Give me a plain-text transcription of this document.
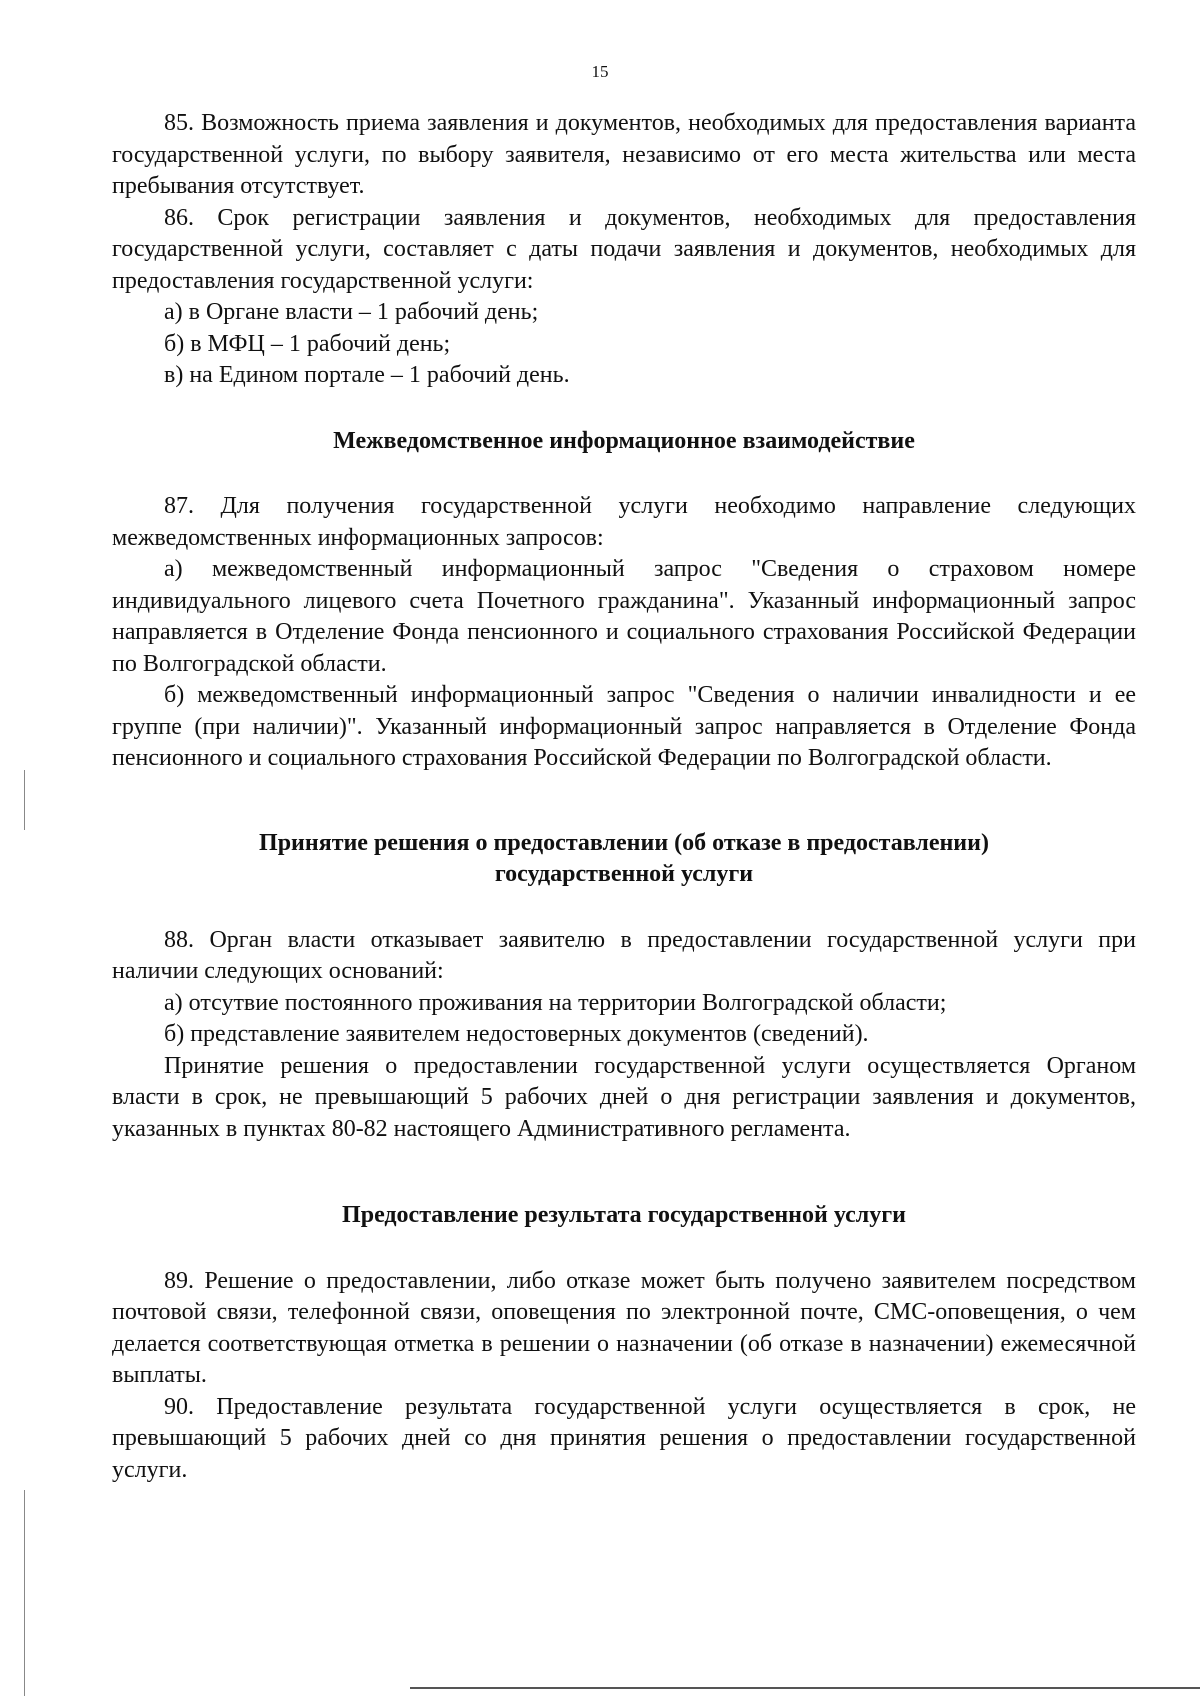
15

85. Возможность приема заявления и документов, необходимых для предоставления варианта государственной услуги, по выбору заявителя, независимо от его места жительства или места пребывания отсутствует.

86. Срок регистрации заявления и документов, необходимых для предоставления государственной услуги, составляет с даты подачи заявления и документов, необходимых для предоставления государственной услуги:

а) в Органе власти – 1 рабочий день;

б) в МФЦ – 1 рабочий день;

в) на Едином портале – 1 рабочий день.

Межведомственное информационное взаимодействие

87. Для получения государственной услуги необходимо направление следующих межведомственных информационных запросов:

а) межведомственный информационный запрос "Сведения о страховом номере индивидуального лицевого счета Почетного гражданина". Указанный информационный запрос направляется в Отделение Фонда пенсионного и социального страхования Российской Федерации по Волгоградской области.

б) межведомственный информационный запрос "Сведения о наличии инвалидности и ее группе (при наличии)". Указанный информационный запрос направляется в Отделение Фонда пенсионного и социального страхования Российской Федерации по Волгоградской области.

Принятие решения о предоставлении (об отказе в предоставлении)
государственной услуги

88. Орган власти отказывает заявителю в предоставлении государственной услуги при наличии следующих оснований:

а) отсутвие постоянного проживания на территории Волгоградской области;

б) представление заявителем недостоверных документов (сведений).

Принятие решения о предоставлении государственной услуги осуществляется Органом власти в срок, не превышающий 5 рабочих дней о дня регистрации заявления и документов, указанных в пунктах 80-82 настоящего Административного регламента.

Предоставление результата государственной услуги

89. Решение о предоставлении, либо отказе может быть получено заявителем посредством почтовой связи, телефонной связи, оповещения по электронной почте, СМС-оповещения, о чем делается соответствующая отметка в решении о назначении (об отказе в назначении) ежемесячной выплаты.

90. Предоставление результата государственной услуги осуществляется в срок, не превышающий 5 рабочих дней со дня принятия решения о предоставлении государственной услуги.
